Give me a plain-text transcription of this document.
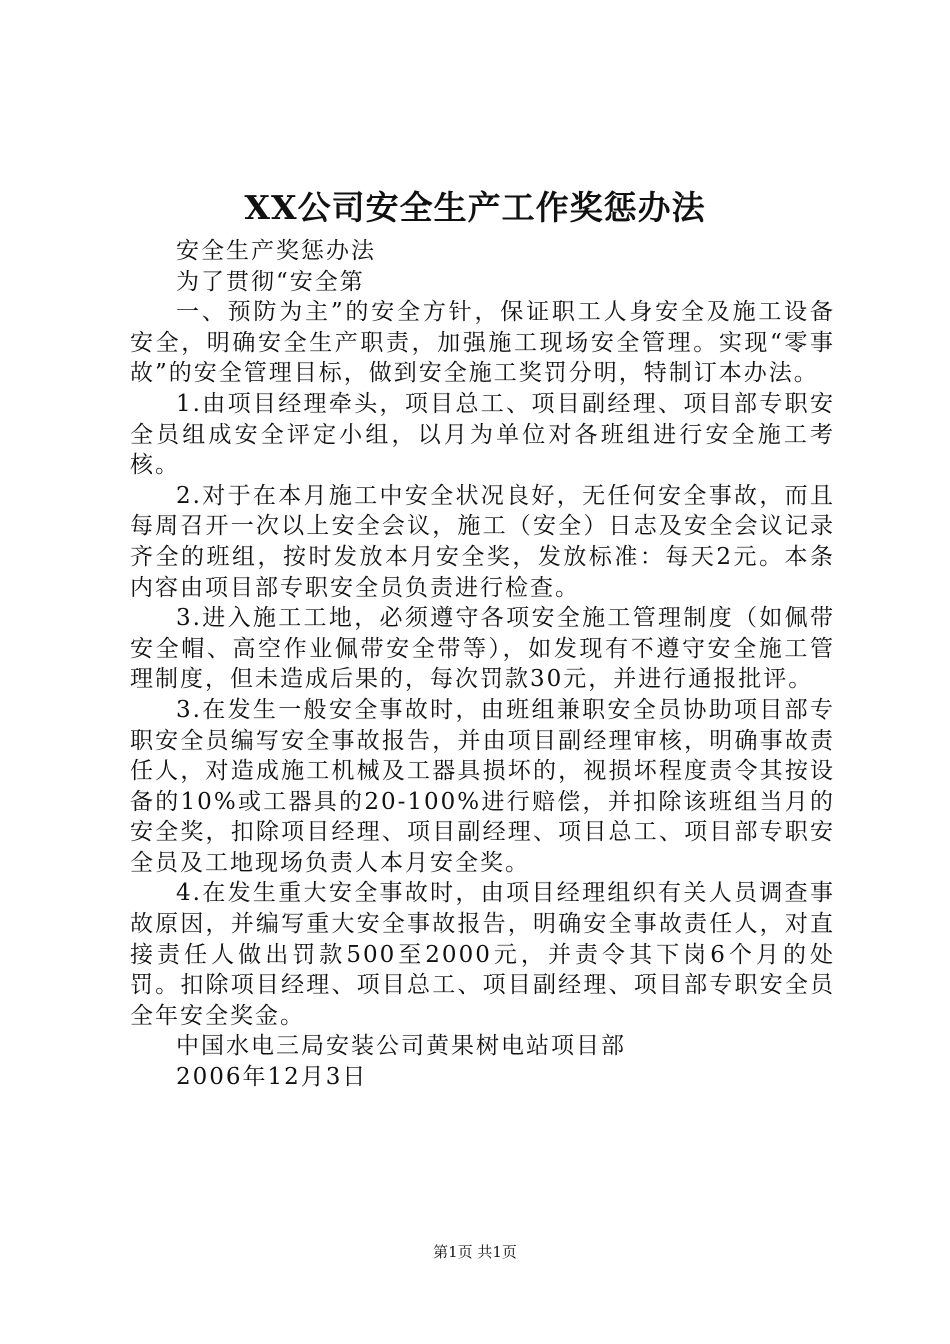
XX公司安全生产工作奖惩办法

安全生产奖惩办法

为了贯彻“安全第

一、预防为主”的安全方针，保证职工人身安全及施工设备安全，明确安全生产职责，加强施工现场安全管理。实现“零事故”的安全管理目标，做到安全施工奖罚分明，特制订本办法。

1.由项目经理牵头，项目总工、项目副经理、项目部专职安全员组成安全评定小组，以月为单位对各班组进行安全施工考核。

2.对于在本月施工中安全状况良好，无任何安全事故，而且每周召开一次以上安全会议，施工（安全）日志及安全会议记录齐全的班组，按时发放本月安全奖，发放标准：每天2元。本条内容由项目部专职安全员负责进行检查。

3.进入施工工地，必须遵守各项安全施工管理制度（如佩带安全帽、高空作业佩带安全带等），如发现有不遵守安全施工管理制度，但未造成后果的，每次罚款30元，并进行通报批评。

3.在发生一般安全事故时，由班组兼职安全员协助项目部专职安全员编写安全事故报告，并由项目副经理审核，明确事故责任人，对造成施工机械及工器具损坏的，视损坏程度责令其按设备的10%或工器具的20-100%进行赔偿，并扣除该班组当月的安全奖，扣除项目经理、项目副经理、项目总工、项目部专职安全员及工地现场负责人本月安全奖。

4.在发生重大安全事故时，由项目经理组织有关人员调查事故原因，并编写重大安全事故报告，明确安全事故责任人，对直接责任人做出罚款500至2000元，并责令其下岗6个月的处罚。扣除项目经理、项目总工、项目副经理、项目部专职安全员全年安全奖金。

中国水电三局安装公司黄果树电站项目部

2006年12月3日

第1页 共1页
